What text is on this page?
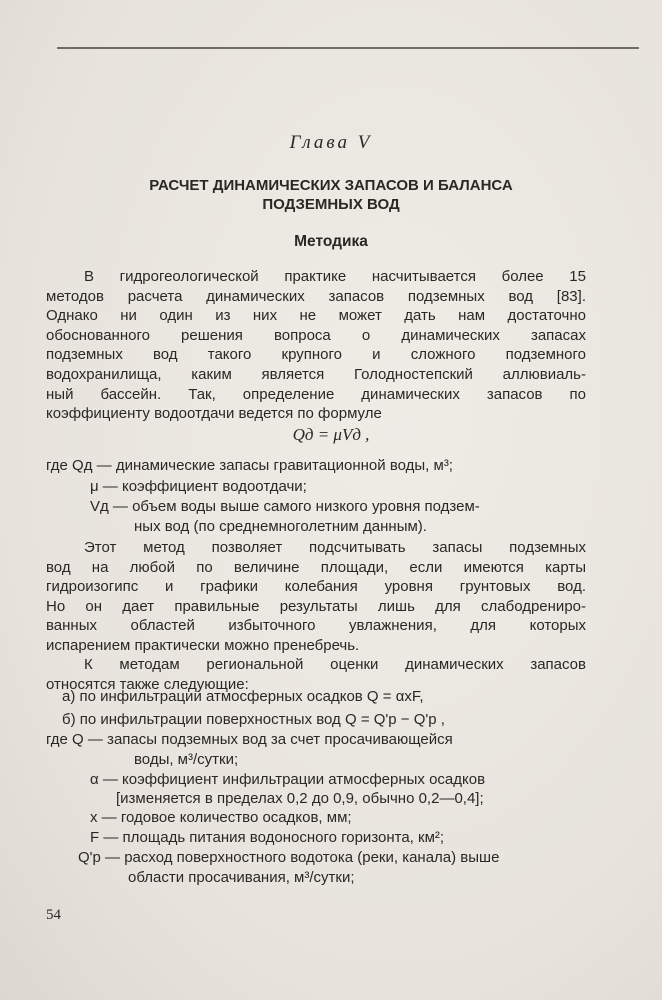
Глава V
РАСЧЕТ ДИНАМИЧЕСКИХ ЗАПАСОВ И БАЛАНСА
ПОДЗЕМНЫХ ВОД
Методика
В гидрогеологической практике насчитывается более 15
методов расчета динамических запасов подземных вод [83].
Однако ни один из них не может дать нам достаточно
обоснованного решения вопроса о динамических запасах
подземных вод такого крупного и сложного подземного
водохранилища, каким является Голодностепский аллювиаль-
ный бассейн. Так, определение динамических запасов по
коэффициенту водоотдачи ведется по формуле
Qд = μVд ,
где Qд — динамические запасы гравитационной воды, м³;
μ — коэффициент водоотдачи;
Vд — объем воды выше самого низкого уровня подзем-
ных вод (по среднемноголетним данным).
Этот метод позволяет подсчитывать запасы подземных
вод на любой по величине площади, если имеются карты
гидроизогипс и графики колебания уровня грунтовых вод.
Но он дает правильные результаты лишь для слабодрениро-
ванных областей избыточного увлажнения, для которых
испарением практически можно пренебречь.
К методам региональной оценки динамических запасов
относятся также следующие:
а) по инфильтрации атмосферных осадков Q = αxF,
б) по инфильтрации поверхностных вод Q = Q'р − Q'р ,
где Q — запасы подземных вод за счет просачивающейся
воды, м³/сутки;
α — коэффициент инфильтрации атмосферных осадков
[изменяется в пределах 0,2 до 0,9, обычно 0,2—0,4];
x — годовое количество осадков, мм;
F — площадь питания водоносного горизонта, км²;
Q'р — расход поверхностного водотока (реки, канала) выше
области просачивания, м³/сутки;
54
